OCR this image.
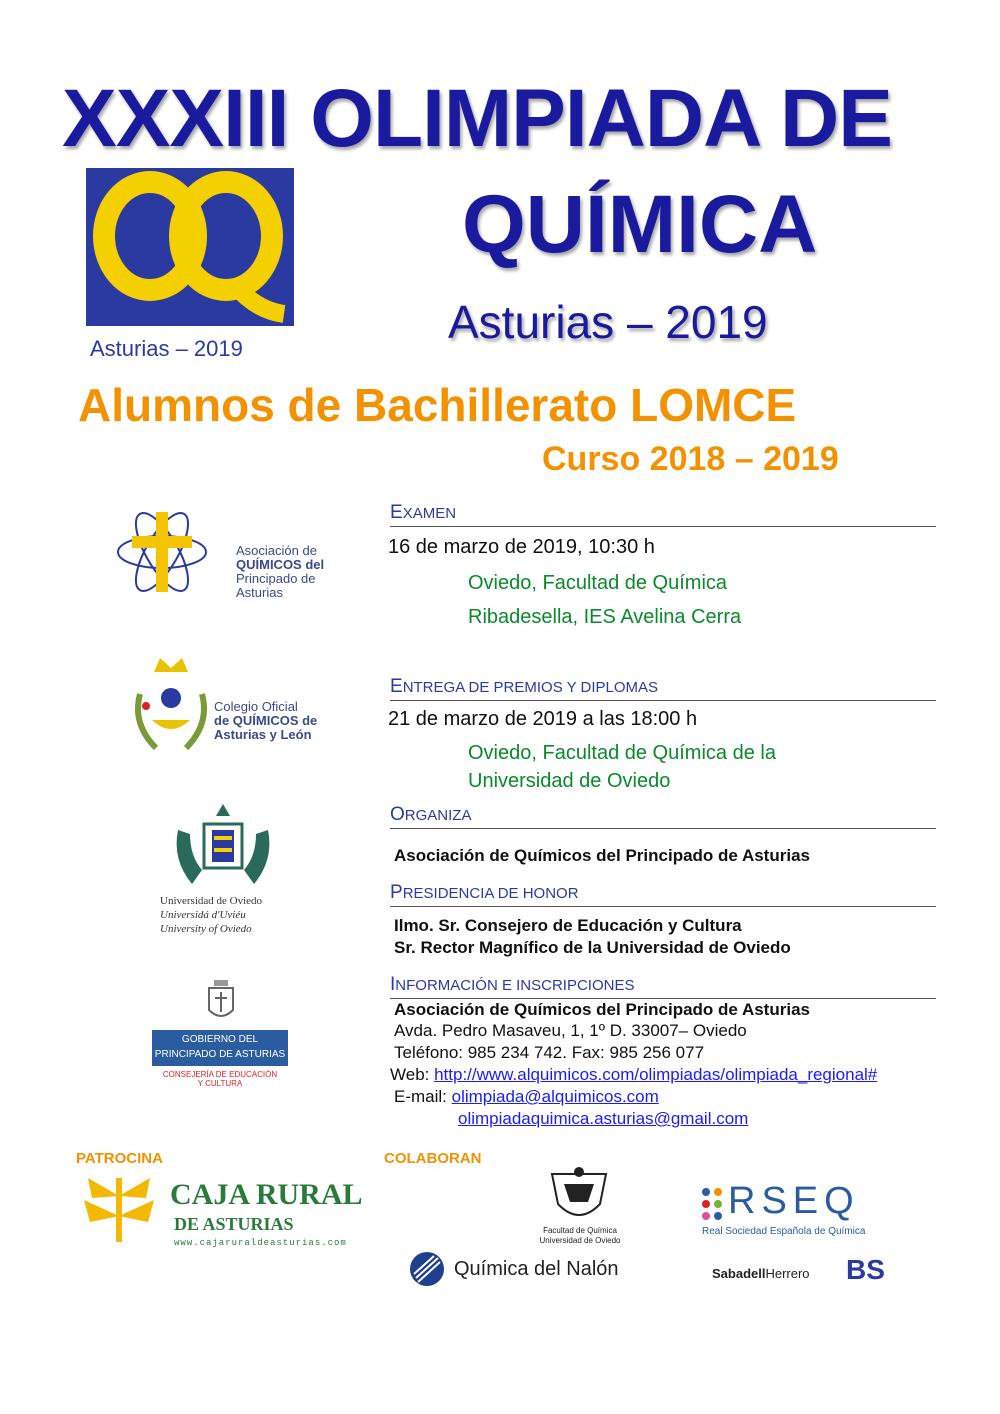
XXXIII OLIMPIADA DE
QUÍMICA
Asturias – 2019
Asturias – 2019
Alumnos de Bachillerato LOMCE
Curso 2018 – 2019
Asociación de
QUÍMICOS del
Principado de Asturias
EXAMEN
16 de marzo de 2019, 10:30 h
Oviedo, Facultad de Química
Ribadesella, IES Avelina Cerra
Colegio Oficial
de QUÍMICOS de
Asturias y León
ENTREGA DE PREMIOS Y DIPLOMAS
21 de marzo de 2019 a las 18:00 h
Oviedo, Facultad de Química de la
Universidad de Oviedo
ORGANIZA
Asociación de Químicos del Principado de Asturias
Universidad de Oviedo
Universidá d'Uviéu
University of Oviedo
PRESIDENCIA DE HONOR
Ilmo. Sr. Consejero de Educación y Cultura
Sr. Rector Magnífico de la Universidad de Oviedo
INFORMACIÓN E INSCRIPCIONES
Asociación de Químicos del Principado de Asturias
Avda. Pedro Masaveu, 1, 1º D. 33007– Oviedo
Teléfono: 985 234 742. Fax: 985 256 077
Web: http://www.alquimicos.com/olimpiadas/olimpiada_regional#
E-mail: olimpiada@alquimicos.com
olimpiadaquimica.asturias@gmail.com
GOBIERNO DEL
PRINCIPADO DE ASTURIAS
CONSEJERÍA DE EDUCACIÓN
Y CULTURA
PATROCINA	COLABORAN
CAJA RURAL
DE ASTURIAS
www.cajaruraldeasturias.com
Facultad de Química
Universidad de Oviedo
RSEQ
Real Sociedad Española de Química
Química del Nalón	SabadellHerrero BS
